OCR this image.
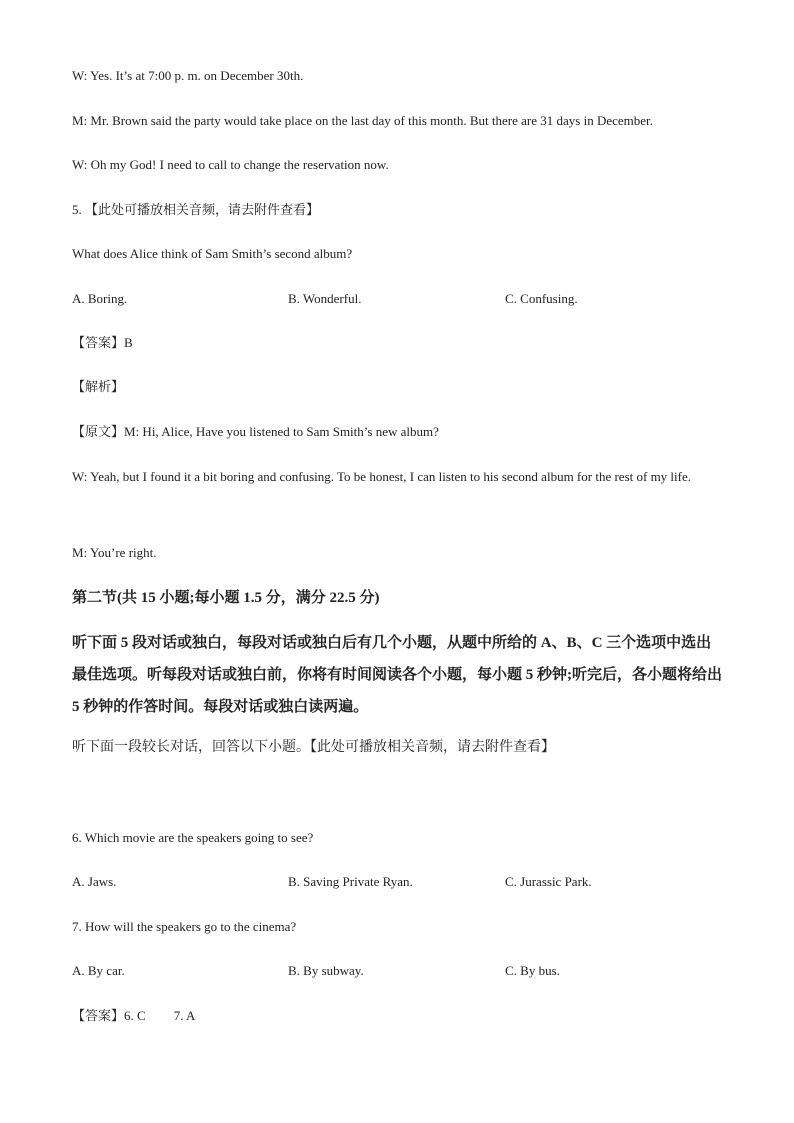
W: Yes. It’s at 7:00 p. m. on December 30th.
M: Mr. Brown said the party would take place on the last day of this month. But there are 31 days in December.
W: Oh my God! I need to call to change the reservation now.
5. 【此处可播放相关音频，请去附件查看】
What does Alice think of Sam Smith’s second album?
A. Boring.	B. Wonderful.	C. Confusing.
【答案】B
【解析】
【原文】M: Hi, Alice, Have you listened to Sam Smith’s new album?
W: Yeah, but I found it a bit boring and confusing. To be honest, I can listen to his second album for the rest of my life.
M: You’re right.
第二节(共 15 小题;每小题 1.5 分，满分 22.5 分)
听下面 5 段对话或独白，每段对话或独白后有几个小题，从题中所给的 A、B、C 三个选项中选出最佳选项。听每段对话或独白前，你将有时间阅读各个小题，每小题 5 秒钟;听完后，各小题将给出 5 秒钟的作答时间。每段对话或独白读两遍。
听下面一段较长对话，回答以下小题。【此处可播放相关音频，请去附件查看】
6. Which movie are the speakers going to see?
A. Jaws.	B. Saving Private Ryan.	C. Jurassic Park.
7. How will the speakers go to the cinema?
A. By car.	B. By subway.	C. By bus.
【答案】6. C 7. A
